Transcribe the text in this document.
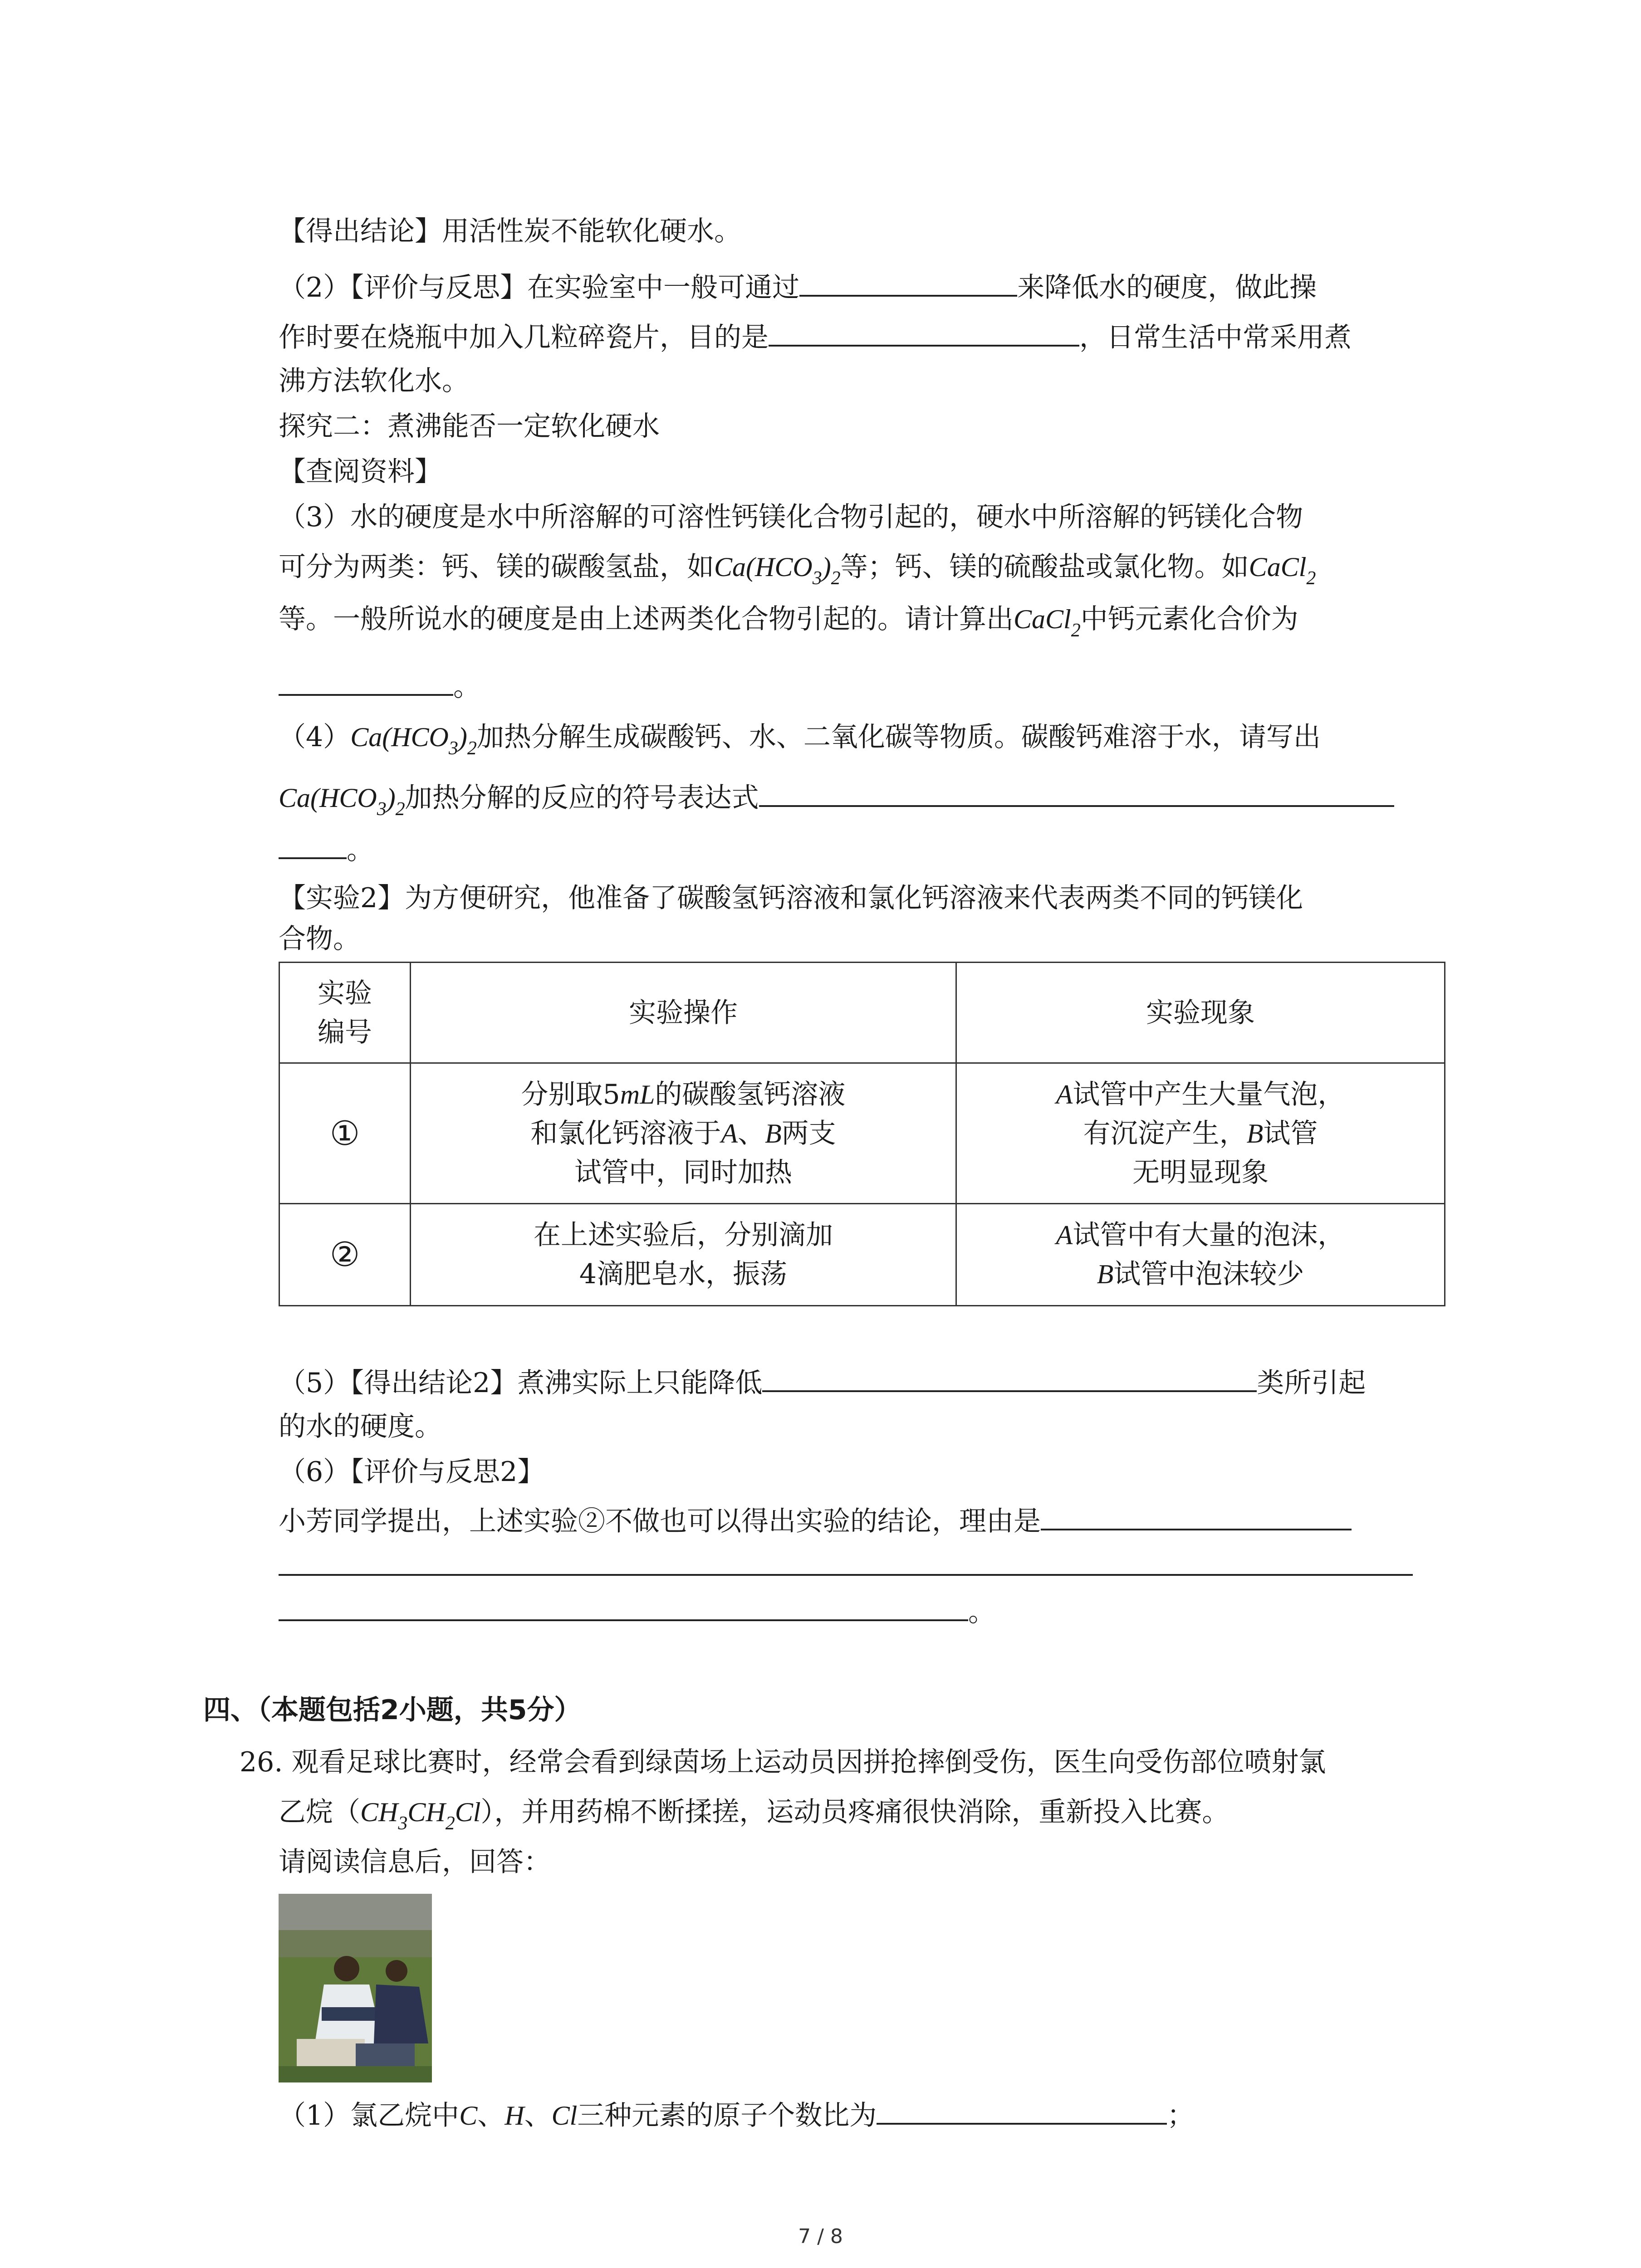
【得出结论】用活性炭不能软化硬水。
（2）【评价与反思】在实验室中一般可通过	来降低水的硬度，做此操
作时要在烧瓶中加入几粒碎瓷片，目的是	，日常生活中常采用煮
沸方法软化水。
探究二：煮沸能否一定软化硬水
【查阅资料】
（3）水的硬度是水中所溶解的可溶性钙镁化合物引起的，硬水中所溶解的钙镁化合物
可分为两类：钙、镁的碳酸氢盐，如$Ca(HCO_3)_2$等；钙、镁的硫酸盐或氯化物。如CaCl$_2$
等。一般所说水的硬度是由上述两类化合物引起的。请计算出CaCl$_2$中钙元素化合价为
。
$(4)Ca(HCO_3)_2$加热分解生成碳酸钙、水、二氧化碳等物质。碳酸钙难溶于水，请写出
$Ca(HCO_3)_2$加热分解的反应的符号表达式
。
【实验2】为方便研究，他准备了碳酸氢钙溶液和氯化钙溶液来代表两类不同的钙镁化
合物。
实验
编号	实验操作	实验现象
①	分别取5mL的碳酸氢钙溶液
和氯化钙溶液于A、B两支
试管中，同时加热	A试管中产生大量气泡，
有沉淀产生，B试管
无明显现象
②	在上述实验后，分别滴加
4滴肥皂水，振荡	A试管中有大量的泡沫，
B试管中泡沫较少
（5）【得出结论2】煮沸实际上只能降低	类所引起
的水的硬度。
（6）【评价与反思2】
小芳同学提出，上述实验②不做也可以得出实验的结论，理由是
。
四、（本题包括2小题，共5分）
26. 观看足球比赛时，经常会看到绿茵场上运动员因拼抢摔倒受伤，医生向受伤部位喷射氯
乙烷$(CH_3CH_2Cl)$，并用药棉不断揉搓，运动员疼痛很快消除，重新投入比赛。
请阅读信息后，回答：
（1）氯乙烷中C、H、Cl三种元素的原子个数比为	；
7 / 8
